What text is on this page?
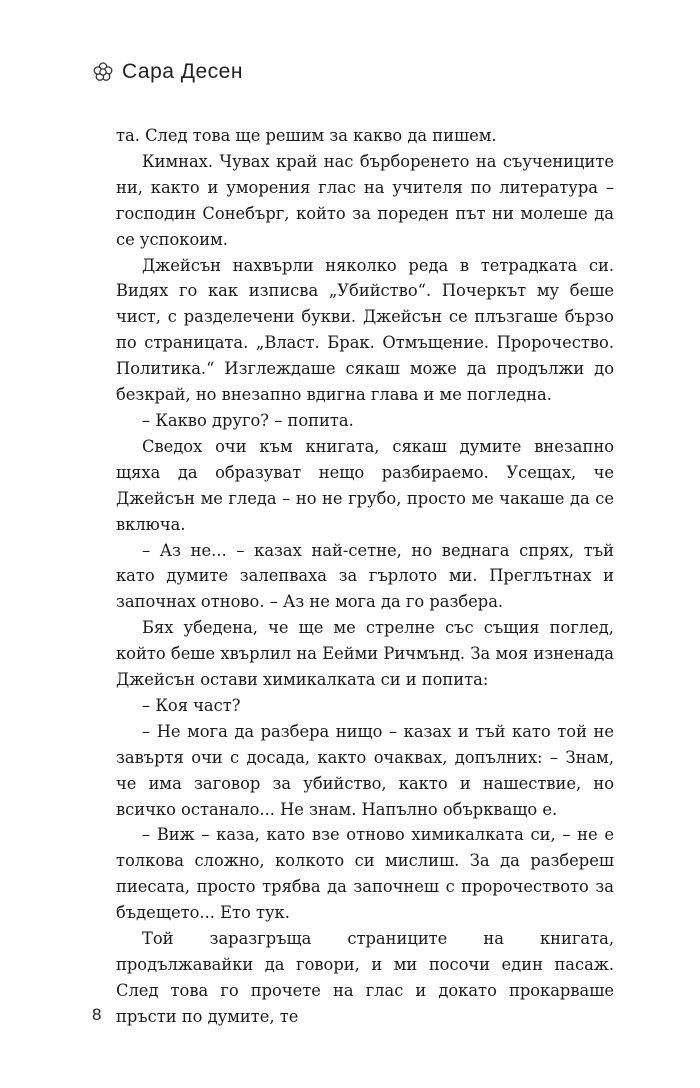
Сара Десен

та. След това ще решим за какво да пишем.

Кимнах. Чувах край нас бърборенето на съучениците ни, както и уморения глас на учителя по литература – господин Сонебърг, който за пореден път ни молеше да се успокоим.

Джейсън нахвърли няколко реда в тетрадката си. Видях го как изписва „Убийство“. Почеркът му беше чист, с разделечени букви. Джейсън се плъзгаше бързо по страницата. „Власт. Брак. Отмъщение. Пророчество. Политика.“ Изглеждаше сякаш може да продължи до безкрай, но внезапно вдигна глава и ме погледна.

– Какво друго? – попита.

Сведох очи към книгата, сякаш думите внезапно щяха да образуват нещо разбираемо. Усещах, че Джейсън ме гледа – но не грубо, просто ме чакаше да се включа.

– Аз не... – казах най-сетне, но веднага спрях, тъй като думите залепваха за гърлото ми. Преглътнах и започнах отново. – Аз не мога да го разбера.

Бях убедена, че ще ме стрелне със същия поглед, който беше хвърлил на Еейми Ричмънд. За моя изненада Джейсън остави химикалката си и попита:

– Коя част?

– Не мога да разбера нищо – казах и тъй като той не завъртя очи с досада, както очаквах, допълних: – Знам, че има заговор за убийство, както и нашествие, но всичко останало... Не знам. Напълно объркващо е.

– Виж – каза, като взе отново химикалката си, – не е толкова сложно, колкото си мислиш. За да разбереш пиесата, просто трябва да започнеш с пророчеството за бъдещето... Ето тук.

Той заразгръща страниците на книгата, продължавайки да говори, и ми посочи един пасаж. След това го прочете на глас и докато прокарваше пръсти по думите, те

8
